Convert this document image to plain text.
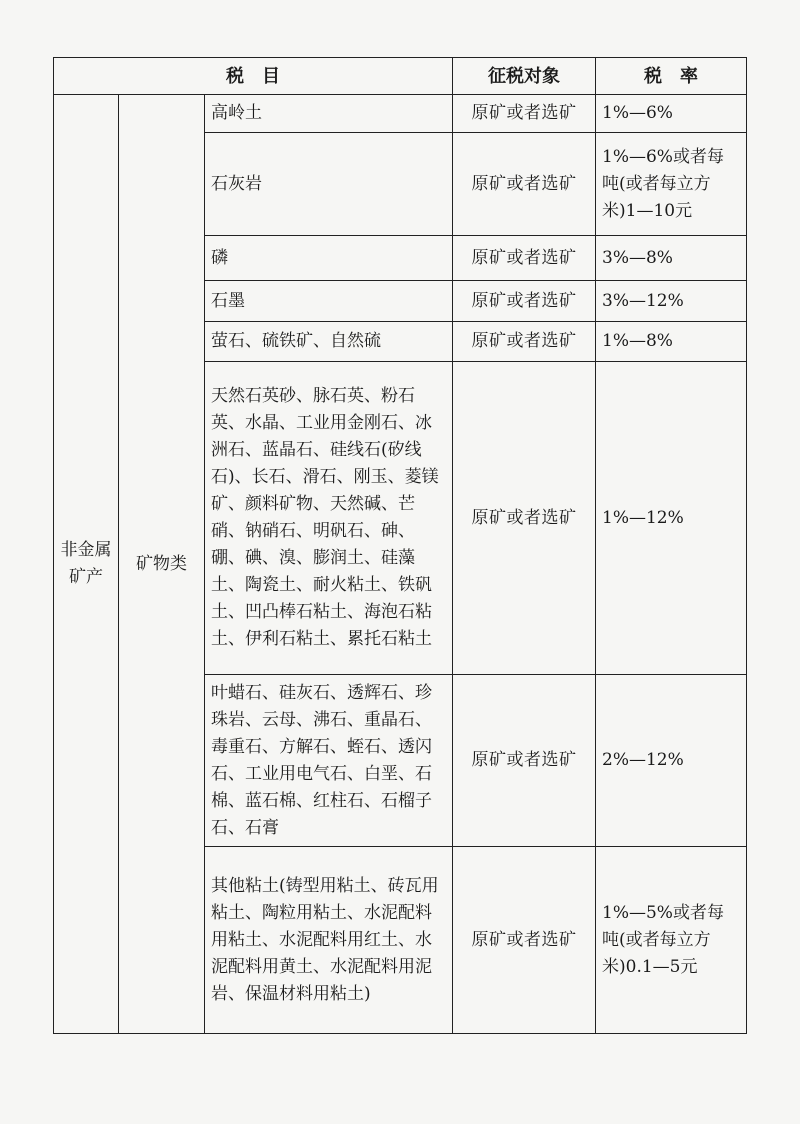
税　目			征税对象	税　率
非金属矿产	矿物类	高岭土	原矿或者选矿	1%—6%
		石灰岩	原矿或者选矿	1%—6%或者每吨(或者每立方米)1—10元
		磷	原矿或者选矿	3%—8%
		石墨	原矿或者选矿	3%—12%
		萤石、硫铁矿、自然硫	原矿或者选矿	1%—8%
		天然石英砂、脉石英、粉石英、水晶、工业用金刚石、冰洲石、蓝晶石、硅线石(矽线石)、长石、滑石、刚玉、菱镁矿、颜料矿物、天然碱、芒硝、钠硝石、明矾石、砷、硼、碘、溴、膨润土、硅藻土、陶瓷土、耐火粘土、铁矾土、凹凸棒石粘土、海泡石粘土、伊利石粘土、累托石粘土	原矿或者选矿	1%—12%
		叶蜡石、硅灰石、透辉石、珍珠岩、云母、沸石、重晶石、毒重石、方解石、蛭石、透闪石、工业用电气石、白垩、石棉、蓝石棉、红柱石、石榴子石、石膏	原矿或者选矿	2%—12%
		其他粘土(铸型用粘土、砖瓦用粘土、陶粒用粘土、水泥配料用粘土、水泥配料用红土、水泥配料用黄土、水泥配料用泥岩、保温材料用粘土)	原矿或者选矿	1%—5%或者每吨(或者每立方米)0.1—5元
